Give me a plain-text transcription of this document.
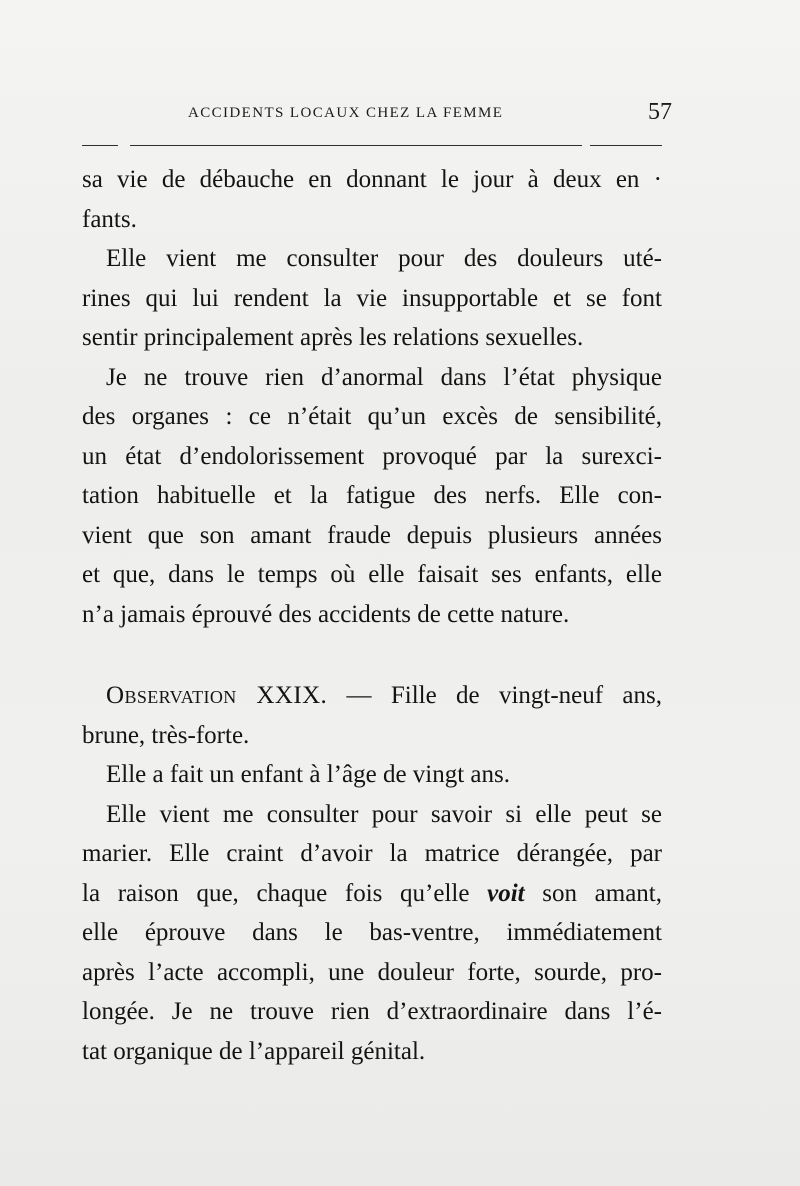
ACCIDENTS LOCAUX CHEZ LA FEMME	57
sa vie de débauche en donnant le jour à deux en ·
fants.
Elle vient me consulter pour des douleurs uté-
rines qui lui rendent la vie insupportable et se font
sentir principalement après les relations sexuelles.
Je ne trouve rien d’anormal dans l’état physique
des organes : ce n’était qu’un excès de sensibilité,
un état d’endolorissement provoqué par la surexci-
tation habituelle et la fatigue des nerfs. Elle con-
vient que son amant fraude depuis plusieurs années
et que, dans le temps où elle faisait ses enfants, elle
n’a jamais éprouvé des accidents de cette nature.
Observation XXIX. — Fille de vingt-neuf ans,
brune, très-forte.
Elle a fait un enfant à l’âge de vingt ans.
Elle vient me consulter pour savoir si elle peut se
marier. Elle craint d’avoir la matrice dérangée, par
la raison que, chaque fois qu’elle voit son amant,
elle éprouve dans le bas-ventre, immédiatement
après l’acte accompli, une douleur forte, sourde, pro-
longée. Je ne trouve rien d’extraordinaire dans l’é-
tat organique de l’appareil génital.
